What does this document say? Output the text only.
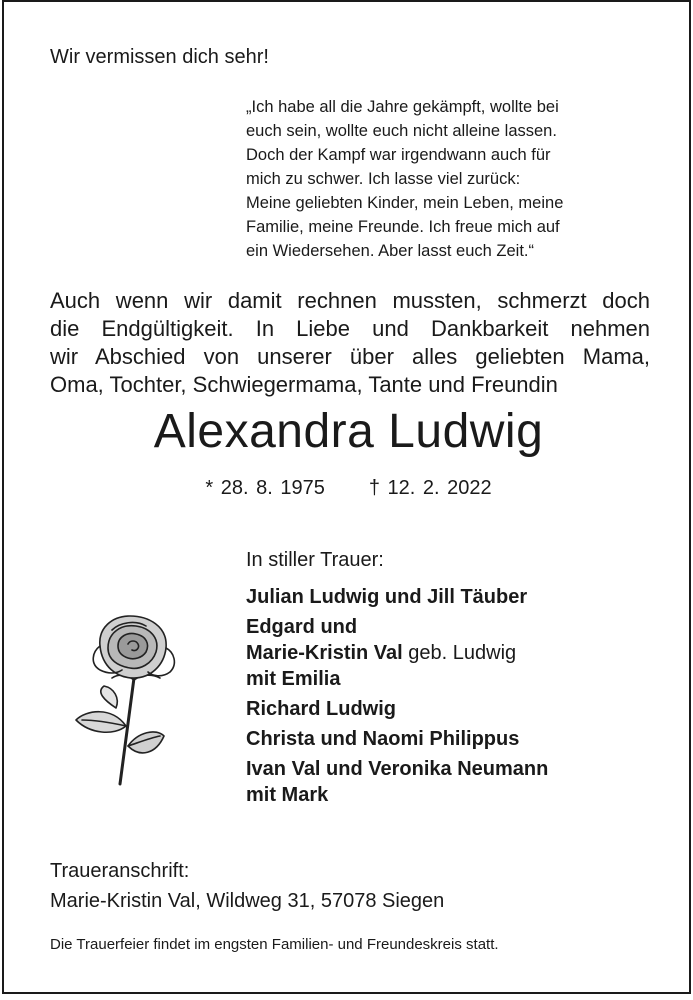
Wir vermissen dich sehr!
„Ich habe all die Jahre gekämpft, wollte bei
euch sein, wollte euch nicht alleine lassen.
Doch der Kampf war irgendwann auch für
mich zu schwer. Ich lasse viel zurück:
Meine geliebten Kinder, mein Leben, meine
Familie, meine Freunde. Ich freue mich auf
ein Wiedersehen. Aber lasst euch Zeit.“
Auch wenn wir damit rechnen mussten, schmerzt doch
die Endgültigkeit. In Liebe und Dankbarkeit nehmen
wir Abschied von unserer über alles geliebten Mama,
Oma, Tochter, Schwiegermama, Tante und Freundin
Alexandra Ludwig
* 28. 8. 1975 † 12. 2. 2022
In stiller Trauer:
Julian Ludwig und Jill Täuber
Edgard und
Marie-Kristin Val geb. Ludwig
mit Emilia
Richard Ludwig
Christa und Naomi Philippus
Ivan Val und Veronika Neumann
mit Mark
Traueranschrift:
Marie-Kristin Val, Wildweg 31, 57078 Siegen
Die Trauerfeier findet im engsten Familien- und Freundeskreis statt.
